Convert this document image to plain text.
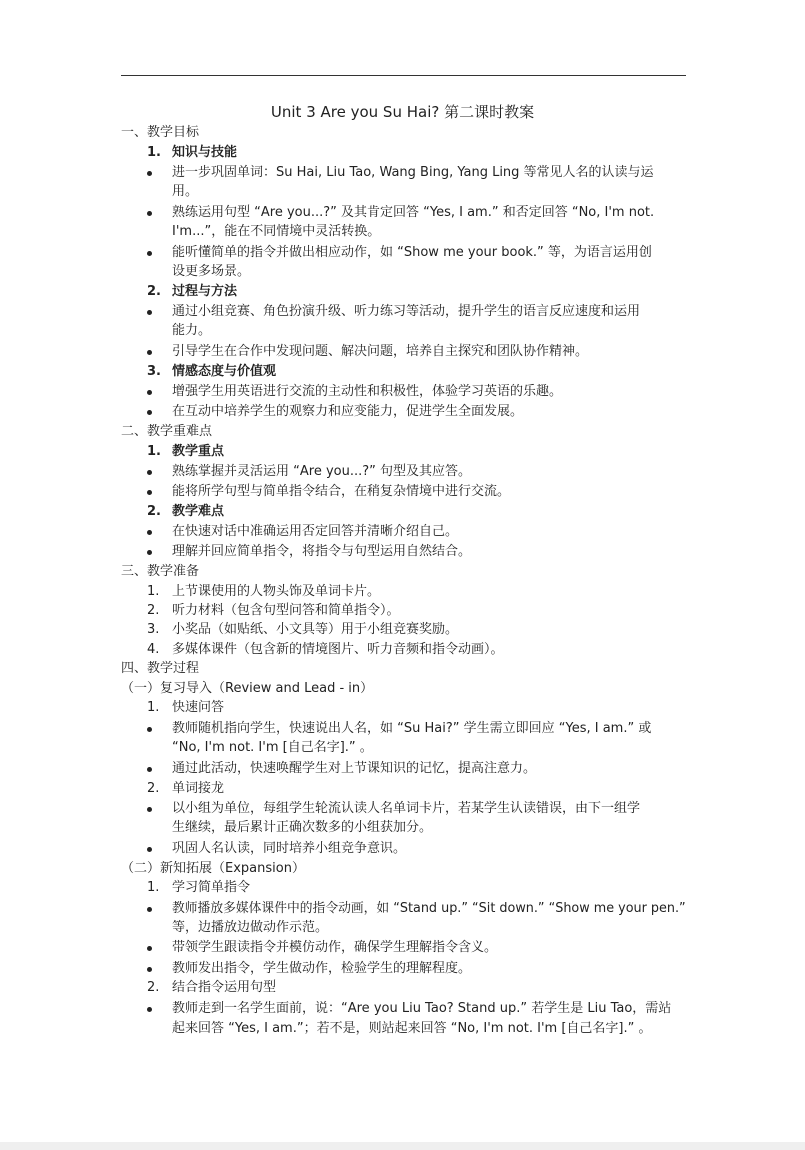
Unit 3 Are you Su Hai? 第二课时教案
一、教学目标
1. 知识与技能
进一步巩固单词：Su Hai, Liu Tao, Wang Bing, Yang Ling 等常见人名的认读与运
用。
熟练运用句型 “Are you...?” 及其肯定回答 “Yes, I am.” 和否定回答 “No, I'm not.
I'm...”，能在不同情境中灵活转换。
能听懂简单的指令并做出相应动作，如 “Show me your book.” 等，为语言运用创
设更多场景。
2. 过程与方法
通过小组竞赛、角色扮演升级、听力练习等活动，提升学生的语言反应速度和运用
能力。
引导学生在合作中发现问题、解决问题，培养自主探究和团队协作精神。
3. 情感态度与价值观
增强学生用英语进行交流的主动性和积极性，体验学习英语的乐趣。
在互动中培养学生的观察力和应变能力，促进学生全面发展。
二、教学重难点
1. 教学重点
熟练掌握并灵活运用 “Are you...?” 句型及其应答。
能将所学句型与简单指令结合，在稍复杂情境中进行交流。
2. 教学难点
在快速对话中准确运用否定回答并清晰介绍自己。
理解并回应简单指令，将指令与句型运用自然结合。
三、教学准备
1. 上节课使用的人物头饰及单词卡片。
2. 听力材料（包含句型问答和简单指令）。
3. 小奖品（如贴纸、小文具等）用于小组竞赛奖励。
4. 多媒体课件（包含新的情境图片、听力音频和指令动画）。
四、教学过程
（一）复习导入（Review and Lead - in）
1. 快速问答
教师随机指向学生，快速说出人名，如 “Su Hai?” 学生需立即回应 “Yes, I am.” 或
“No, I'm not. I'm [自己名字].” 。
通过此活动，快速唤醒学生对上节课知识的记忆，提高注意力。
2. 单词接龙
以小组为单位，每组学生轮流认读人名单词卡片，若某学生认读错误，由下一组学
生继续，最后累计正确次数多的小组获加分。
巩固人名认读，同时培养小组竞争意识。
（二）新知拓展（Expansion）
1. 学习简单指令
教师播放多媒体课件中的指令动画，如 “Stand up.” “Sit down.” “Show me your pen.”
等，边播放边做动作示范。
带领学生跟读指令并模仿动作，确保学生理解指令含义。
教师发出指令，学生做动作，检验学生的理解程度。
2. 结合指令运用句型
教师走到一名学生面前，说：“Are you Liu Tao? Stand up.” 若学生是 Liu Tao，需站
起来回答 “Yes, I am.”；若不是，则站起来回答 “No, I'm not. I'm [自己名字].” 。
